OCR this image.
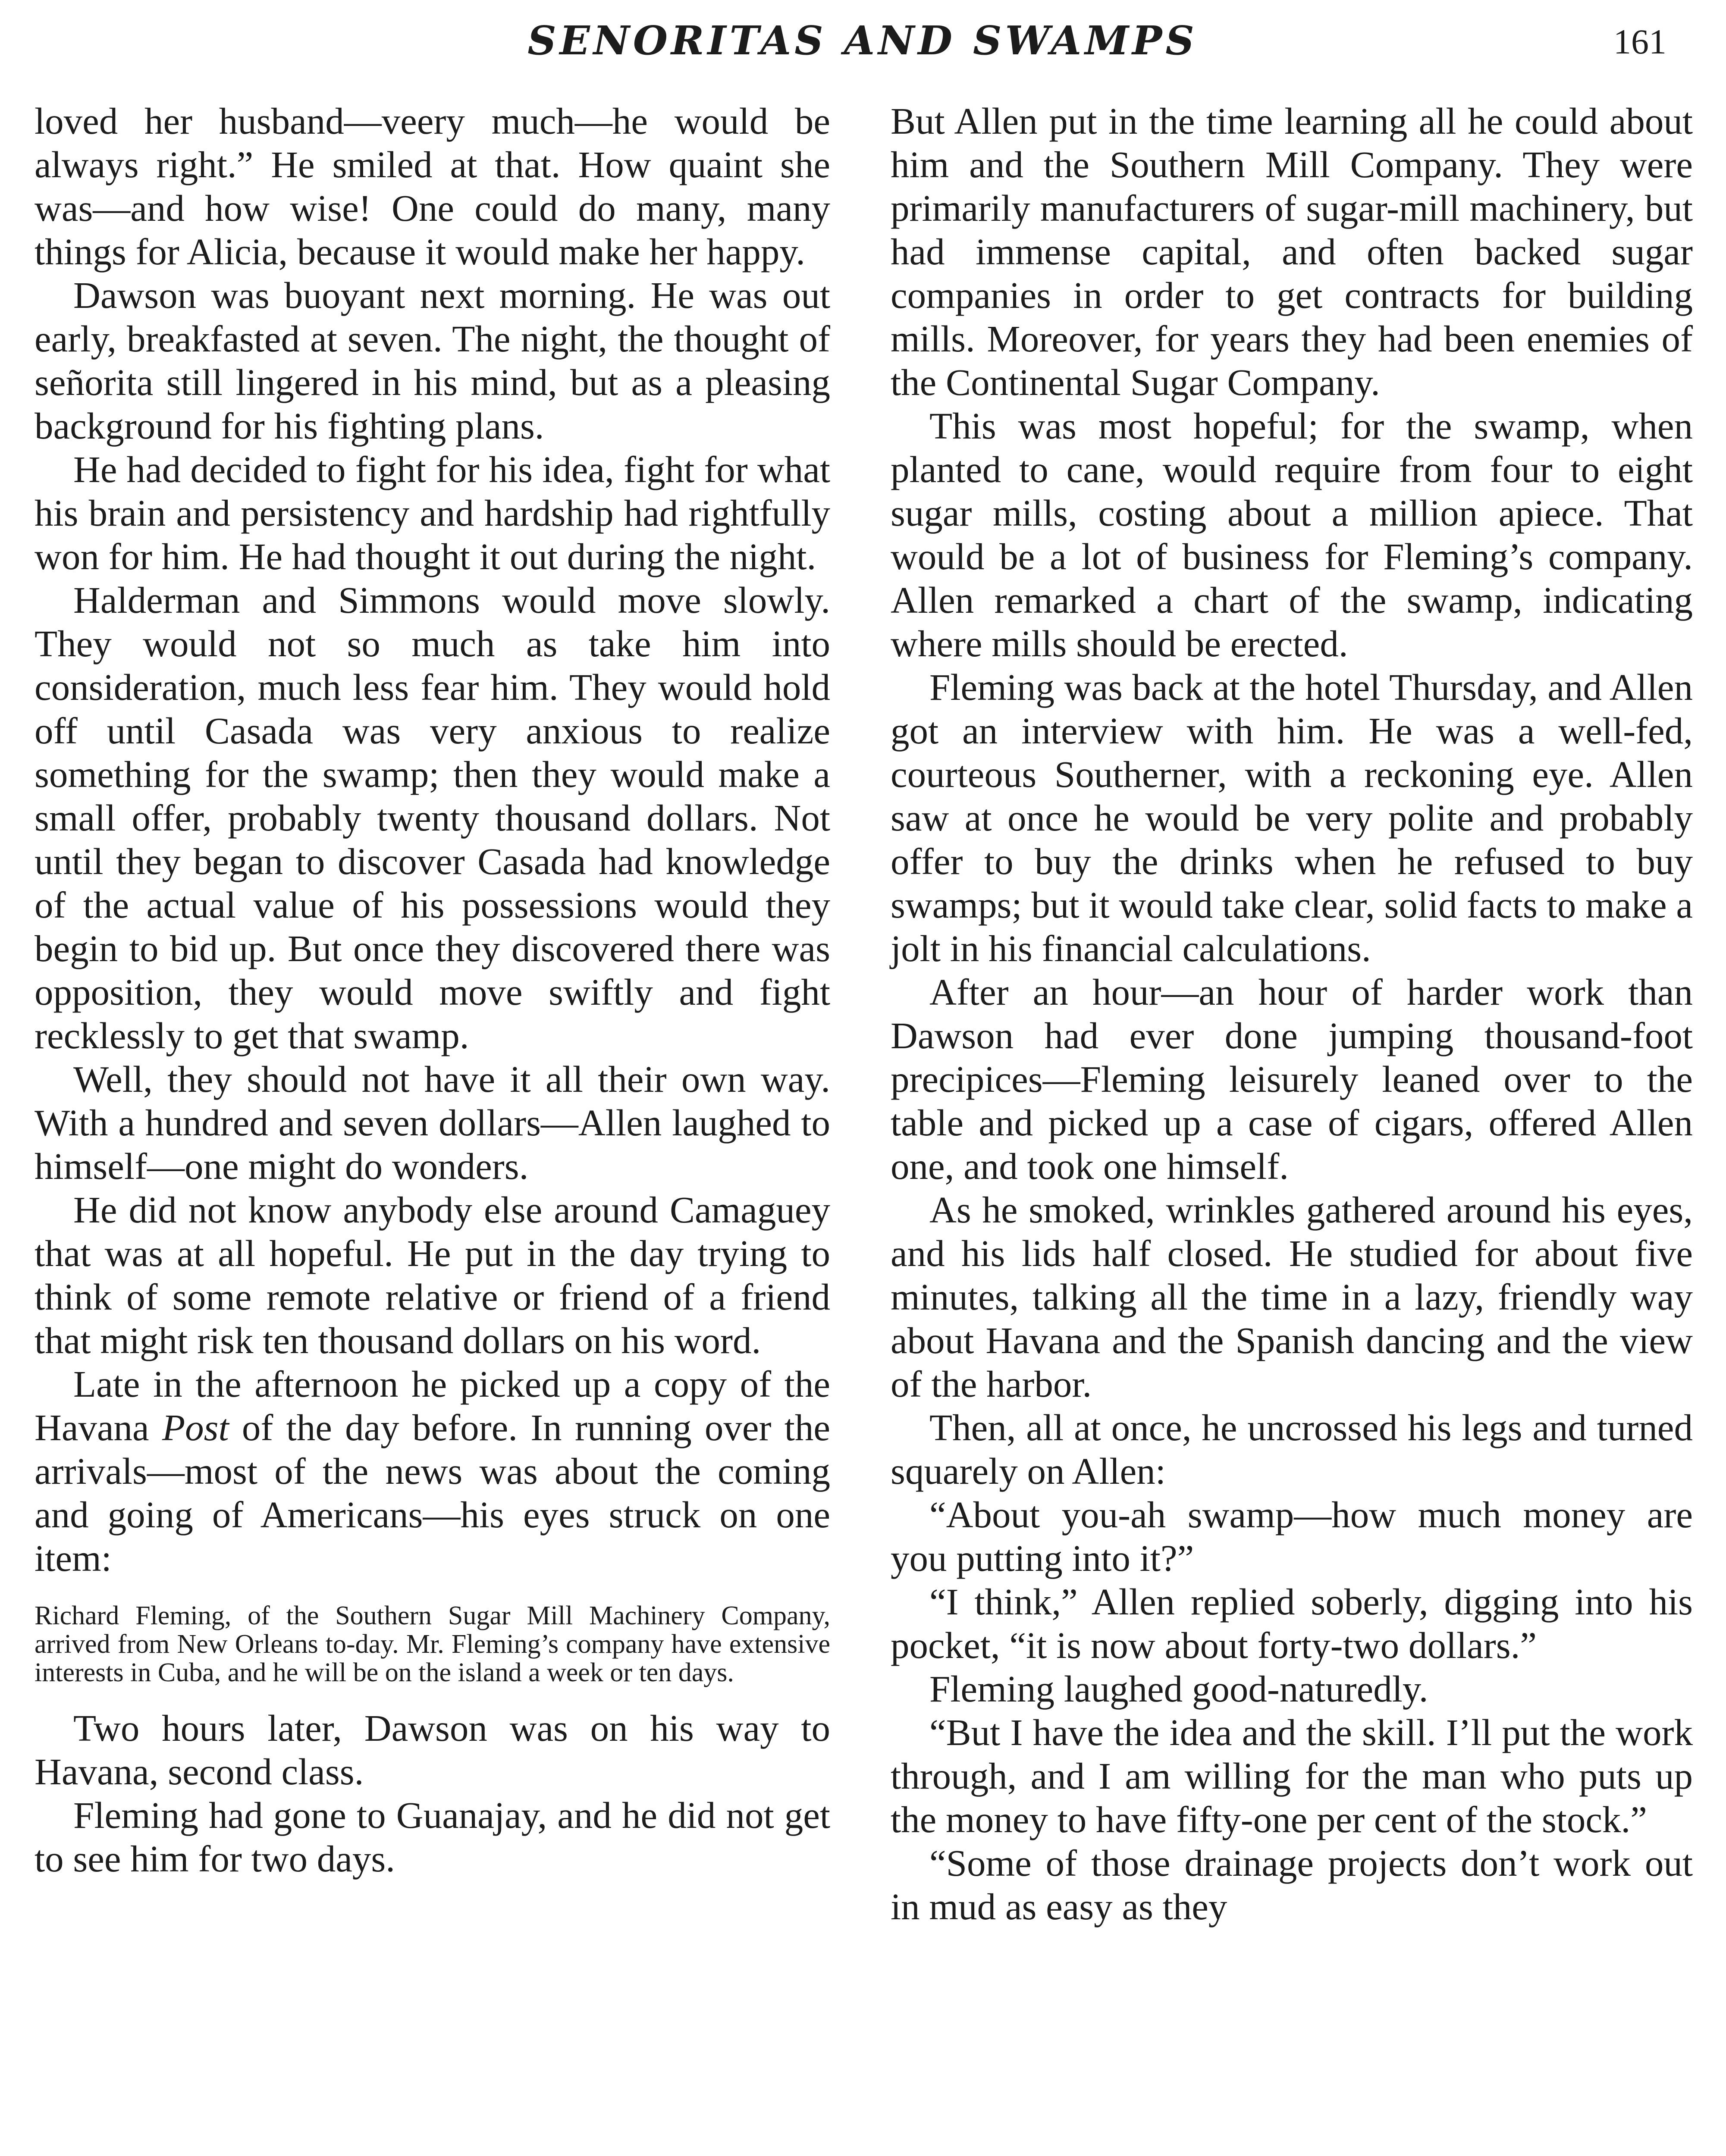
SENORITAS AND SWAMPS	161

loved her husband—veery much—he would be always right.” He smiled at that. How quaint she was—and how wise! One could do many, many things for Alicia, because it would make her happy.

Dawson was buoyant next morning. He was out early, breakfasted at seven. The night, the thought of señorita still lingered in his mind, but as a pleasing background for his fighting plans.

He had decided to fight for his idea, fight for what his brain and persistency and hardship had rightfully won for him. He had thought it out during the night.

Halderman and Simmons would move slowly. They would not so much as take him into consideration, much less fear him. They would hold off until Casada was very anxious to realize something for the swamp; then they would make a small offer, probably twenty thousand dollars. Not until they began to discover Casada had knowledge of the actual value of his possessions would they begin to bid up. But once they discovered there was opposition, they would move swiftly and fight recklessly to get that swamp.

Well, they should not have it all their own way. With a hundred and seven dollars—Allen laughed to himself—one might do wonders.

He did not know anybody else around Camaguey that was at all hopeful. He put in the day trying to think of some remote relative or friend of a friend that might risk ten thousand dollars on his word.

Late in the afternoon he picked up a copy of the Havana Post of the day before. In running over the arrivals—most of the news was about the coming and going of Americans—his eyes struck on one item:

Richard Fleming, of the Southern Sugar Mill Machinery Company, arrived from New Orleans to-day. Mr. Fleming’s company have extensive interests in Cuba, and he will be on the island a week or ten days.

Two hours later, Dawson was on his way to Havana, second class.

Fleming had gone to Guanajay, and he did not get to see him for two days.

But Allen put in the time learning all he could about him and the Southern Mill Company. They were primarily manufacturers of sugar-mill machinery, but had immense capital, and often backed sugar companies in order to get contracts for building mills. Moreover, for years they had been enemies of the Continental Sugar Company.

This was most hopeful; for the swamp, when planted to cane, would require from four to eight sugar mills, costing about a million apiece. That would be a lot of business for Fleming’s company. Allen remarked a chart of the swamp, indicating where mills should be erected.

Fleming was back at the hotel Thursday, and Allen got an interview with him. He was a well-fed, courteous Southerner, with a reckoning eye. Allen saw at once he would be very polite and probably offer to buy the drinks when he refused to buy swamps; but it would take clear, solid facts to make a jolt in his financial calculations.

After an hour—an hour of harder work than Dawson had ever done jumping thousand-foot precipices—Fleming leisurely leaned over to the table and picked up a case of cigars, offered Allen one, and took one himself.

As he smoked, wrinkles gathered around his eyes, and his lids half closed. He studied for about five minutes, talking all the time in a lazy, friendly way about Havana and the Spanish dancing and the view of the harbor.

Then, all at once, he uncrossed his legs and turned squarely on Allen:

“About you-ah swamp—how much money are you putting into it?”

“I think,” Allen replied soberly, digging into his pocket, “it is now about forty-two dollars.”

Fleming laughed good-naturedly.

“But I have the idea and the skill. I’ll put the work through, and I am willing for the man who puts up the money to have fifty-one per cent of the stock.”

“Some of those drainage projects don’t work out in mud as easy as they
